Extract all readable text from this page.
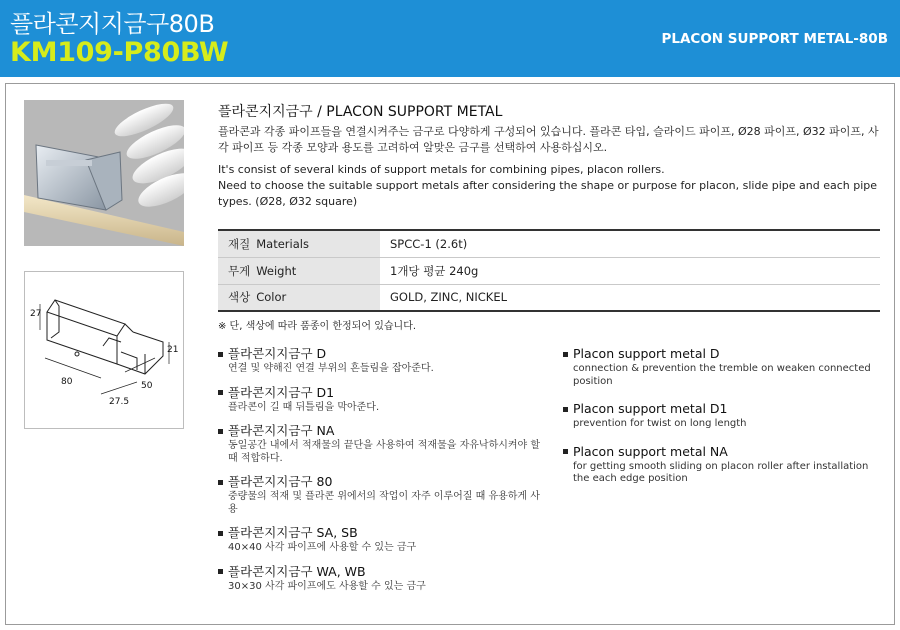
플라콘지지금구80B
KM109-P80BW	PLACON SUPPORT METAL-80B
27
21
80	50
27.5
플라콘지지금구 / PLACON SUPPORT METAL
플라콘과 각종 파이프들을 연결시켜주는 금구로 다양하게 구성되어 있습니다. 플라콘 타입, 슬라이드 파이프, Ø28 파이프, Ø32 파이프, 사각 파이프 등 각종 모양과 용도를 고려하여 알맞은 금구를 선택하여 사용하십시오.
It's consist of several kinds of support metals for combining pipes, placon rollers.
Need to choose the suitable support metals after considering the shape or purpose for placon, slide pipe and each pipe types. (Ø28, Ø32 square)
재질 Materials	SPCC-1 (2.6t)
무게 Weight	1개당 평균 240g
색상 Color	GOLD, ZINC, NICKEL
※ 단, 색상에 따라 품종이 한정되어 있습니다.
플라콘지지금구 D
연결 및 약해진 연결 부위의 흔들림을 잡아준다.
플라콘지지금구 D1
플라콘이 길 때 뒤틀림을 막아준다.
플라콘지지금구 NA
동일공간 내에서 적재물의 끝단을 사용하여 적재물을 자유낙하시켜야 할 때 적합하다.
플라콘지지금구 80
중량물의 적재 및 플라콘 위에서의 작업이 자주 이루어질 때 유용하게 사용
플라콘지지금구 SA, SB
40×40 사각 파이프에 사용할 수 있는 금구
플라콘지지금구 WA, WB
30×30 사각 파이프에도 사용할 수 있는 금구
Placon support metal D
connection & prevention the tremble on weaken connected position
Placon support metal D1
prevention for twist on long length
Placon support metal NA
for getting smooth sliding on placon roller after installation the each edge position
